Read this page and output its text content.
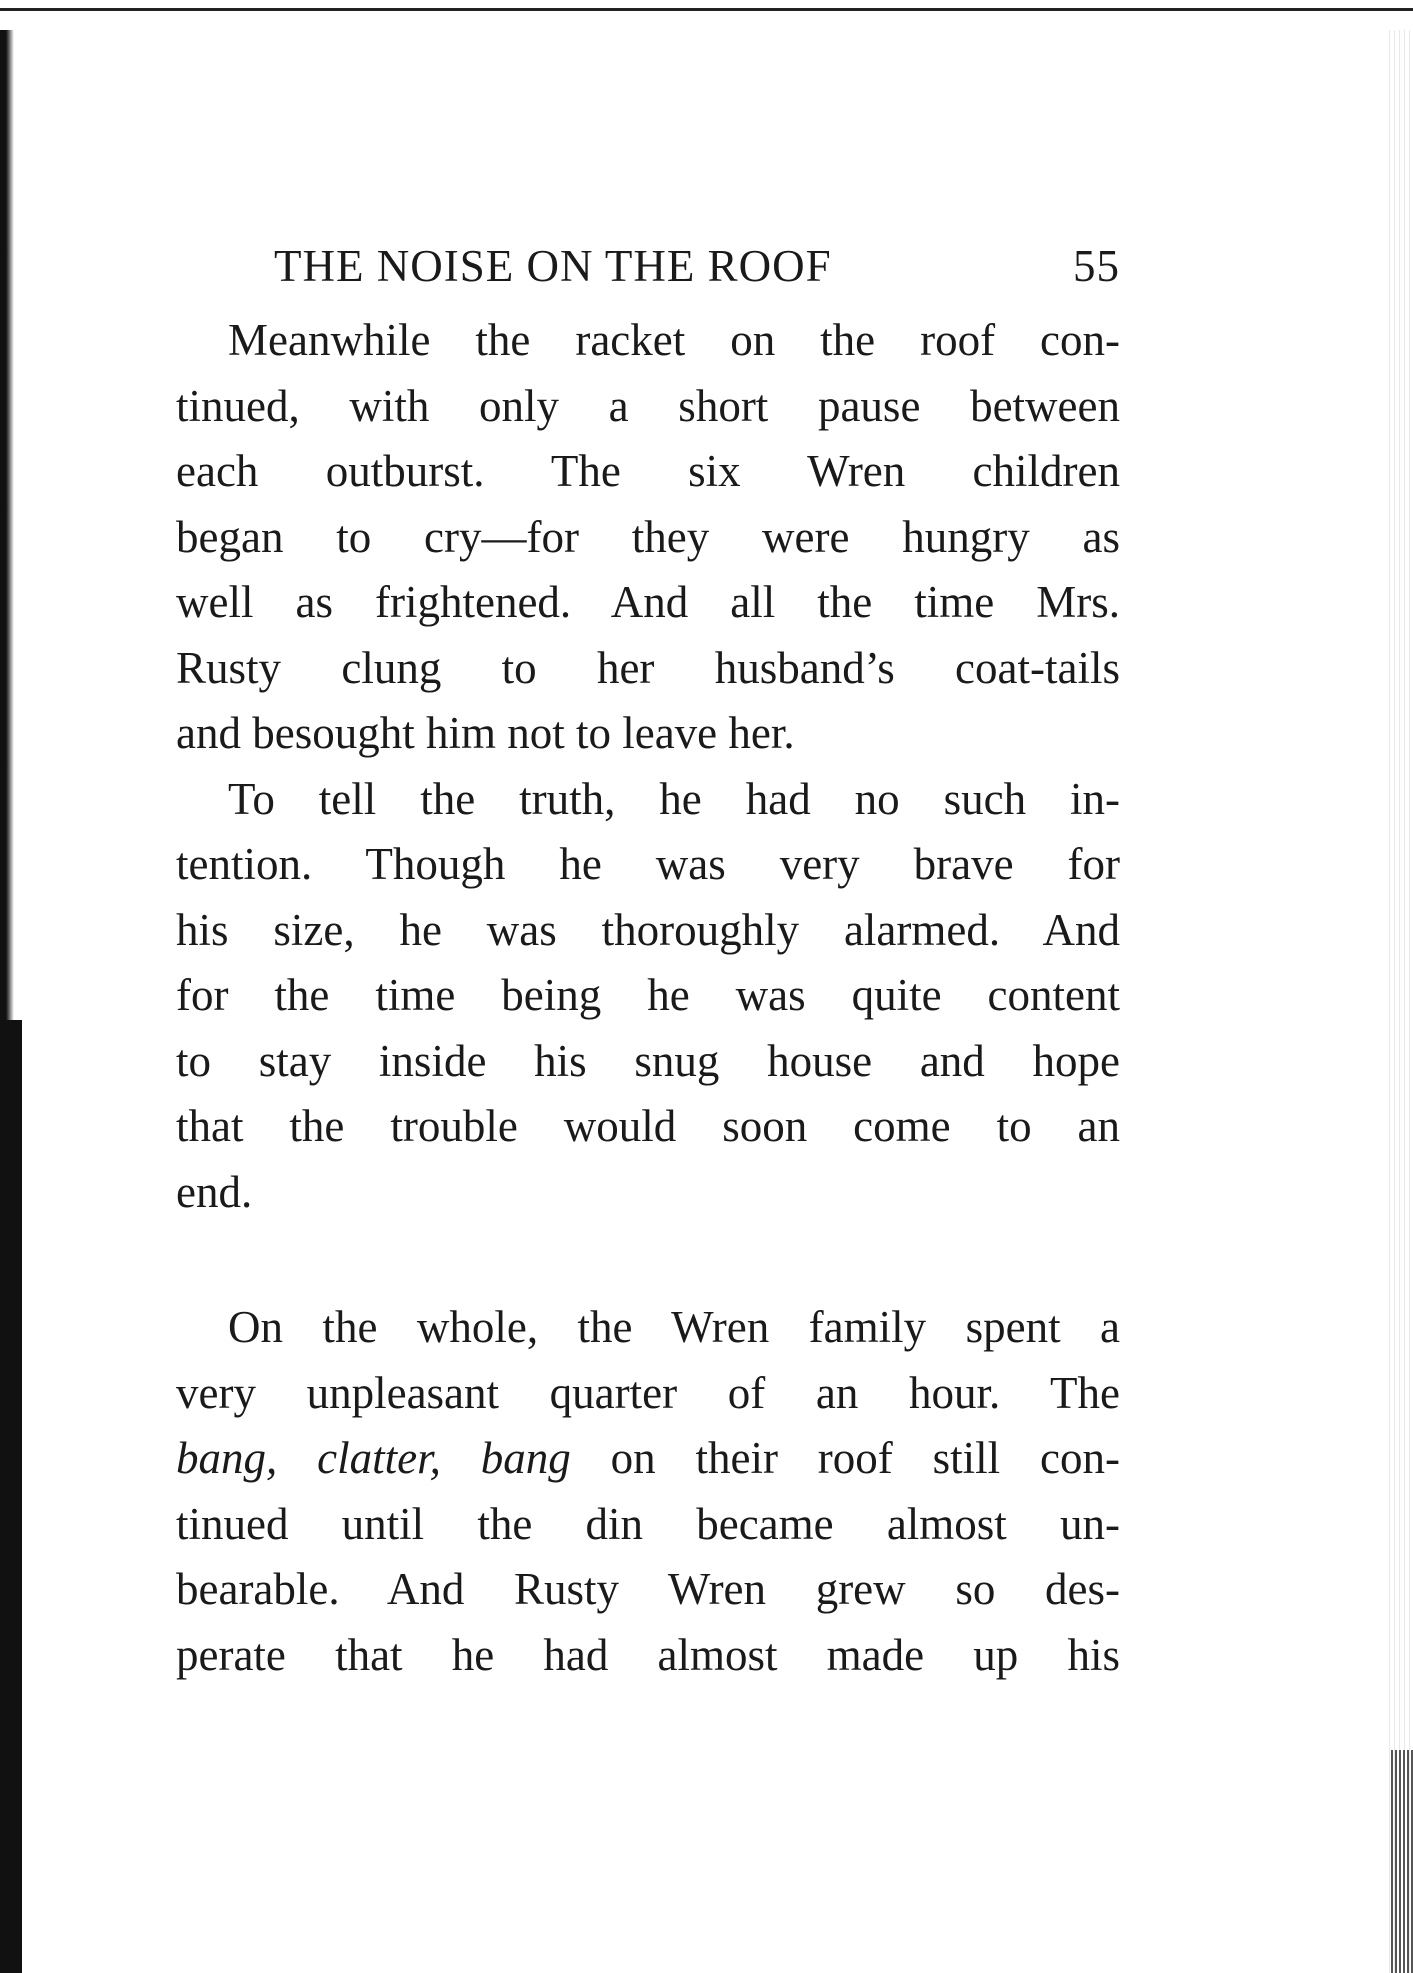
THE NOISE ON THE ROOF	55

Meanwhile the racket on the roof con-
tinued, with only a short pause between
each outburst. The six Wren children
began to cry—for they were hungry as
well as frightened. And all the time Mrs.
Rusty clung to her husband’s coat-tails
and besought him not to leave her.

To tell the truth, he had no such in-
tention. Though he was very brave for
his size, he was thoroughly alarmed. And
for the time being he was quite content
to stay inside his snug house and hope
that the trouble would soon come to an
end.

On the whole, the Wren family spent a
very unpleasant quarter of an hour. The
bang, clatter, bang on their roof still con-
tinued until the din became almost un-
bearable. And Rusty Wren grew so des-
perate that he had almost made up his
